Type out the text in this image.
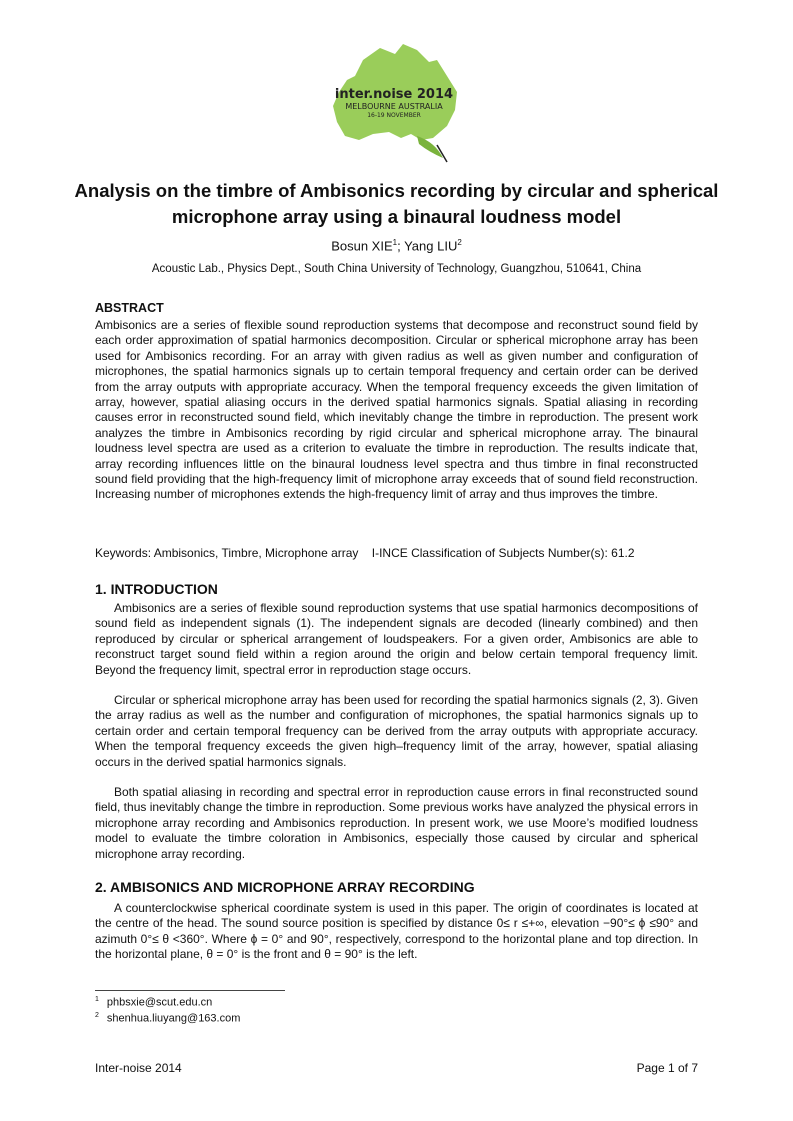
inter.noise 2014
MELBOURNE AUSTRALIA
16-19 NOVEMBER
Analysis on the timbre of Ambisonics recording by circular and spherical microphone array using a binaural loudness model
Bosun XIE$^1$; Yang LIU$^2$
Acoustic Lab., Physics Dept., South China University of Technology, Guangzhou, 510641, China
ABSTRACT

Ambisonics are a series of flexible sound reproduction systems that decompose and reconstruct sound field by each order approximation of spatial harmonics decomposition. Circular or spherical microphone array has been used for Ambisonics recording. For an array with given radius as well as given number and configuration of microphones, the spatial harmonics signals up to certain temporal frequency and certain order can be derived from the array outputs with appropriate accuracy. When the temporal frequency exceeds the given limitation of array, however, spatial aliasing occurs in the derived spatial harmonics signals. Spatial aliasing in recording causes error in reconstructed sound field, which inevitably change the timbre in reproduction. The present work analyzes the timbre in Ambisonics recording by rigid circular and spherical microphone array. The binaural loudness level spectra are used as a criterion to evaluate the timbre in reproduction. The results indicate that, array recording influences little on the binaural loudness level spectra and thus timbre in final reconstructed sound field providing that the high-frequency limit of microphone array exceeds that of sound field reconstruction. Increasing number of microphones extends the high-frequency limit of array and thus improves the timbre.

Keywords: Ambisonics, Timbre, Microphone array    I-INCE Classification of Subjects Number(s): 61.2
1. INTRODUCTION

Ambisonics are a series of flexible sound reproduction systems that use spatial harmonics decompositions of sound field as independent signals (1). The independent signals are decoded (linearly combined) and then reproduced by circular or spherical arrangement of loudspeakers. For a given order, Ambisonics are able to reconstruct target sound field within a region around the origin and below certain temporal frequency limit. Beyond the frequency limit, spectral error in reproduction stage occurs.

Circular or spherical microphone array has been used for recording the spatial harmonics signals (2, 3). Given the array radius as well as the number and configuration of microphones, the spatial harmonics signals up to certain order and certain temporal frequency can be derived from the array outputs with appropriate accuracy. When the temporal frequency exceeds the given high–frequency limit of the array, however, spatial aliasing occurs in the derived spatial harmonics signals.

Both spatial aliasing in recording and spectral error in reproduction cause errors in final reconstructed sound field, thus inevitably change the timbre in reproduction. Some previous works have analyzed the physical errors in microphone array recording and Ambisonics reproduction. In present work, we use Moore’s modified loudness model to evaluate the timbre coloration in Ambisonics, especially those caused by circular and spherical microphone array recording.

2. AMBISONICS AND MICROPHONE ARRAY RECORDING

A counterclockwise spherical coordinate system is used in this paper. The origin of coordinates is located at the centre of the head. The sound source position is specified by distance 0≤ r ≤+∞, elevation −90°≤ ϕ ≤90° and azimuth 0°≤ θ <360°. Where ϕ = 0° and 90°, respectively, correspond to the horizontal plane and top direction. In the horizontal plane, θ = 0° is the front and θ = 90° is the left.

$^1$ phbsxie@scut.edu.cn
$^2$ shenhua.liuyang@163.com
Inter-noise 2014	Page 1 of 7
